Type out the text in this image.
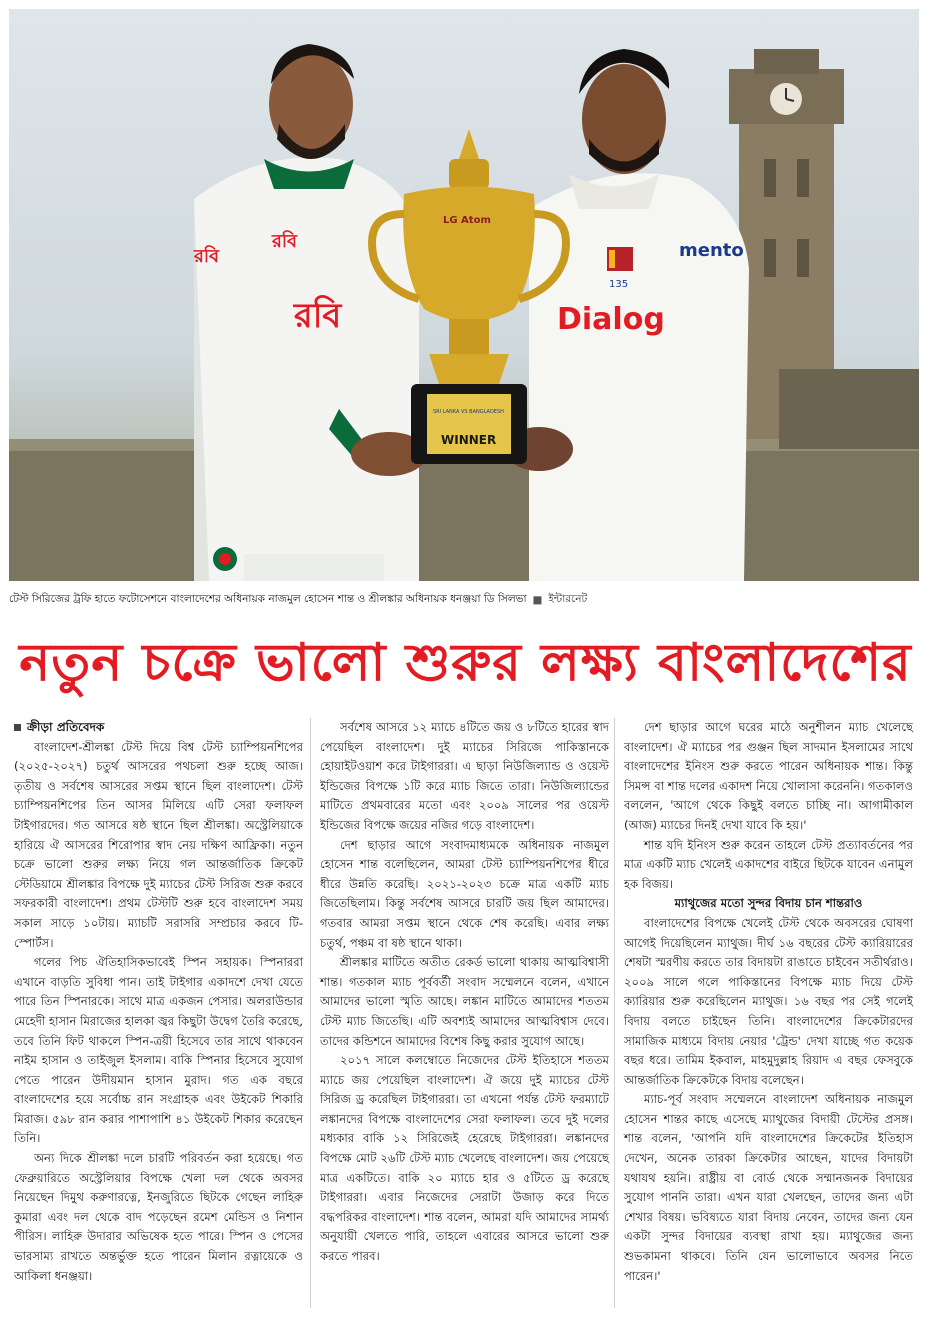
রবি
রবি
রবি
135
Dialog
mento
LG Atom
SRI LANKA VS BANGLADESH
WINNER
টেস্ট সিরিজের ট্রফি হাতে ফটোসেশনে বাংলাদেশের অধিনায়ক নাজমুল হোসেন শান্ত ও শ্রীলঙ্কার অধিনায়ক ধনঞ্জয়া ডি সিলভা ■ ইন্টারনেট
নতুন চক্রে ভালো শুরুর লক্ষ্য বাংলাদেশের
ক্রীড়া প্রতিবেদক

বাংলাদেশ-শ্রীলঙ্কা টেস্ট দিয়ে বিশ্ব টেস্ট চ্যাম্পিয়নশিপের (২০২৫-২০২৭) চতুর্থ আসরের পথচলা শুরু হচ্ছে আজ। তৃতীয় ও সর্বশেষ আসরের সপ্তম স্থানে ছিল বাংলাদেশ। টেস্ট চ্যাম্পিয়নশিপের তিন আসর মিলিয়ে এটি সেরা ফলাফল টাইগারদের। গত আসরে ষষ্ঠ স্থানে ছিল শ্রীলঙ্কা। অস্ট্রেলিয়াকে হারিয়ে ঐ আসরের শিরোপার স্বাদ নেয় দক্ষিণ আফ্রিকা। নতুন চক্রে ভালো শুরুর লক্ষ্য নিয়ে গল আন্তর্জাতিক ক্রিকেট স্টেডিয়ামে শ্রীলঙ্কার বিপক্ষে দুই ম্যাচের টেস্ট সিরিজ শুরু করবে সফরকারী বাংলাদেশ। প্রথম টেস্টটি শুরু হবে বাংলাদেশ সময় সকাল সাড়ে ১০টায়। ম্যাচটি সরাসরি সম্প্রচার করবে টি-স্পোর্টস।

গলের পিচ ঐতিহাসিকভাবেই স্পিন সহায়ক। স্পিনাররা এখানে বাড়তি সুবিধা পান। তাই টাইগার একাদশে দেখা যেতে পারে তিন স্পিনারকে। সাথে মাত্র একজন পেসার। অলরাউন্ডার মেহেদী হাসান মিরাজের হালকা জ্বর কিছুটা উদ্বেগ তৈরি করেছে, তবে তিনি ফিট থাকলে স্পিন-ত্রয়ী হিসেবে তার সাথে থাকবেন নাইম হাসান ও তাইজুল ইসলাম। বাকি স্পিনার হিসেবে সুযোগ পেতে পারেন উদীয়মান হাসান মুরাদ। গত এক বছরে বাংলাদেশের হয়ে সর্বোচ্চ রান সংগ্রাহক এবং উইকেট শিকারি মিরাজ। ৫৯৮ রান করার পাশাপাশি ৪১ উইকেট শিকার করেছেন তিনি।

অন্য দিকে শ্রীলঙ্কা দলে চারটি পরিবর্তন করা হয়েছে। গত ফেব্রুয়ারিতে অস্ট্রেলিয়ার বিপক্ষে খেলা দল থেকে অবসর নিয়েছেন দিমুথ করুণারত্নে, ইনজুরিতে ছিটকে গেছেন লাহিরু কুমারা এবং দল থেকে বাদ পড়েছেন রমেশ মেন্ডিস ও নিশান পীরিস। লাহিরু উদারার অভিষেক হতে পারে। স্পিন ও পেসের ভারসাম্য রাখতে অন্তর্ভুক্ত হতে পারেন মিলান রত্নায়েকে ও আকিলা ধনঞ্জয়া।

সর্বশেষ আসরে ১২ ম্যাচে ৪টিতে জয় ও ৮টিতে হারের স্বাদ পেয়েছিল বাংলাদেশ। দুই ম্যাচের সিরিজে পাকিস্তানকে হোয়াইটওয়াশ করে টাইগাররা। এ ছাড়া নিউজিল্যান্ড ও ওয়েস্ট ইন্ডিজের বিপক্ষে ১টি করে ম্যাচ জিতে তারা। নিউজিল্যান্ডের মাটিতে প্রথমবারের মতো এবং ২০০৯ সালের পর ওয়েস্ট ইন্ডিজের বিপক্ষে জয়ের নজির গড়ে বাংলাদেশ।

দেশ ছাড়ার আগে সংবাদমাধ্যমকে অধিনায়ক নাজমুল হোসেন শান্ত বলেছিলেন, আমরা টেস্ট চ্যাম্পিয়নশিপের ধীরে ধীরে উন্নতি করেছি। ২০২১-২০২৩ চক্রে মাত্র একটি ম্যাচ জিতেছিলাম। কিন্তু সর্বশেষ আসরে চারটি জয় ছিল আমাদের। গতবার আমরা সপ্তম স্থানে থেকে শেষ করেছি। এবার লক্ষ্য চতুর্থ, পঞ্চম বা ষষ্ঠ স্থানে থাকা।

শ্রীলঙ্কার মাটিতে অতীত রেকর্ড ভালো থাকায় আত্মবিশ্বাসী শান্ত। গতকাল ম্যাচ পূর্ববর্তী সংবাদ সম্মেলনে বলেন, এখানে আমাদের ভালো স্মৃতি আছে। লঙ্কান মাটিতে আমাদের শততম টেস্ট ম্যাচ জিতেছি। এটি অবশ্যই আমাদের আত্মবিশ্বাস দেবে। তাদের কন্ডিশনে আমাদের বিশেষ কিছু করার সুযোগ আছে।

২০১৭ সালে কলম্বোতে নিজেদের টেস্ট ইতিহাসে শততম ম্যাচে জয় পেয়েছিল বাংলাদেশ। ঐ জয়ে দুই ম্যাচের টেস্ট সিরিজ ড্র করেছিল টাইগাররা। তা এখনো পর্যন্ত টেস্ট ফরম্যাটে লঙ্কানদের বিপক্ষে বাংলাদেশের সেরা ফলাফল। তবে দুই দলের মধ্যকার বাকি ১২ সিরিজেই হেরেছে টাইগাররা। লঙ্কানদের বিপক্ষে মোট ২৬টি টেস্ট ম্যাচ খেলেছে বাংলাদেশ। জয় পেয়েছে মাত্র একটিতে। বাকি ২০ ম্যাচে হার ও ৫টিতে ড্র করেছে টাইগাররা। এবার নিজেদের সেরাটা উজাড় করে দিতে বদ্ধপরিকর বাংলাদেশ। শান্ত বলেন, আমরা যদি আমাদের সামর্থ্য অনুযায়ী খেলতে পারি, তাহলে এবারের আসরে ভালো শুরু করতে পারব।

দেশ ছাড়ার আগে ঘরের মাঠে অনুশীলন ম্যাচ খেলেছে বাংলাদেশ। ঐ ম্যাচের পর গুঞ্জন ছিল সাদমান ইসলামের সাথে বাংলাদেশের ইনিংস শুরু করতে পারেন অধিনায়ক শান্ত। কিন্তু সিমন্স বা শান্ত দলের একাদশ নিয়ে খোলাসা করেননি। গতকালও বললেন, 'আগে থেকে কিছুই বলতে চাচ্ছি না। আগামীকাল (আজ) ম্যাচের দিনই দেখা যাবে কি হয়।'

শান্ত যদি ইনিংস শুরু করেন তাহলে টেস্ট প্রত্যাবর্তনের পর মাত্র একটি ম্যাচ খেলেই একাদশের বাইরে ছিটকে যাবেন এনামুল হক বিজয়।

ম্যাথুজের মতো সুন্দর বিদায় চান শান্তরাও

বাংলাদেশের বিপক্ষে খেলেই টেস্ট থেকে অবসরের ঘোষণা আগেই দিয়েছিলেন ম্যাথুজ। দীর্ঘ ১৬ বছরের টেস্ট ক্যারিয়ারের শেষটা স্মরণীয় করতে তার বিদায়টা রাঙাতে চাইবেন সতীর্থরাও। ২০০৯ সালে গলে পাকিস্তানের বিপক্ষে ম্যাচ দিয়ে টেস্ট ক্যারিয়ার শুরু করেছিলেন ম্যাথুজ। ১৬ বছর পর সেই গলেই বিদায় বলতে চাইছেন তিনি। বাংলাদেশের ক্রিকেটারদের সামাজিক মাধ্যমে বিদায় নেয়ার 'ট্রেন্ড' দেখা যাচ্ছে গত কয়েক বছর ধরে। তামিম ইকবাল, মাহমুদুল্লাহ রিয়াদ এ বছর ফেসবুকে আন্তর্জাতিক ক্রিকেটকে বিদায় বলেছেন।

ম্যাচ-পূর্ব সংবাদ সম্মেলনে বাংলাদেশ অধিনায়ক নাজমুল হোসেন শান্তর কাছে এসেছে ম্যাথুজের বিদায়ী টেস্টের প্রসঙ্গ। শান্ত বলেন, 'আপনি যদি বাংলাদেশের ক্রিকেটের ইতিহাস দেখেন, অনেক তারকা ক্রিকেটার আছেন, যাদের বিদায়টা যথাযথ হয়নি। রাষ্ট্রীয় বা বোর্ড থেকে সম্মানজনক বিদায়ের সুযোগ পাননি তারা। এখন যারা খেলছেন, তাদের জন্য এটা শেখার বিষয়। ভবিষ্যতে যারা বিদায় নেবেন, তাদের জন্য যেন একটা সুন্দর বিদায়ের ব্যবস্থা রাখা হয়। ম্যাথুজের জন্য শুভকামনা থাকবে। তিনি যেন ভালোভাবে অবসর নিতে পারেন।'
